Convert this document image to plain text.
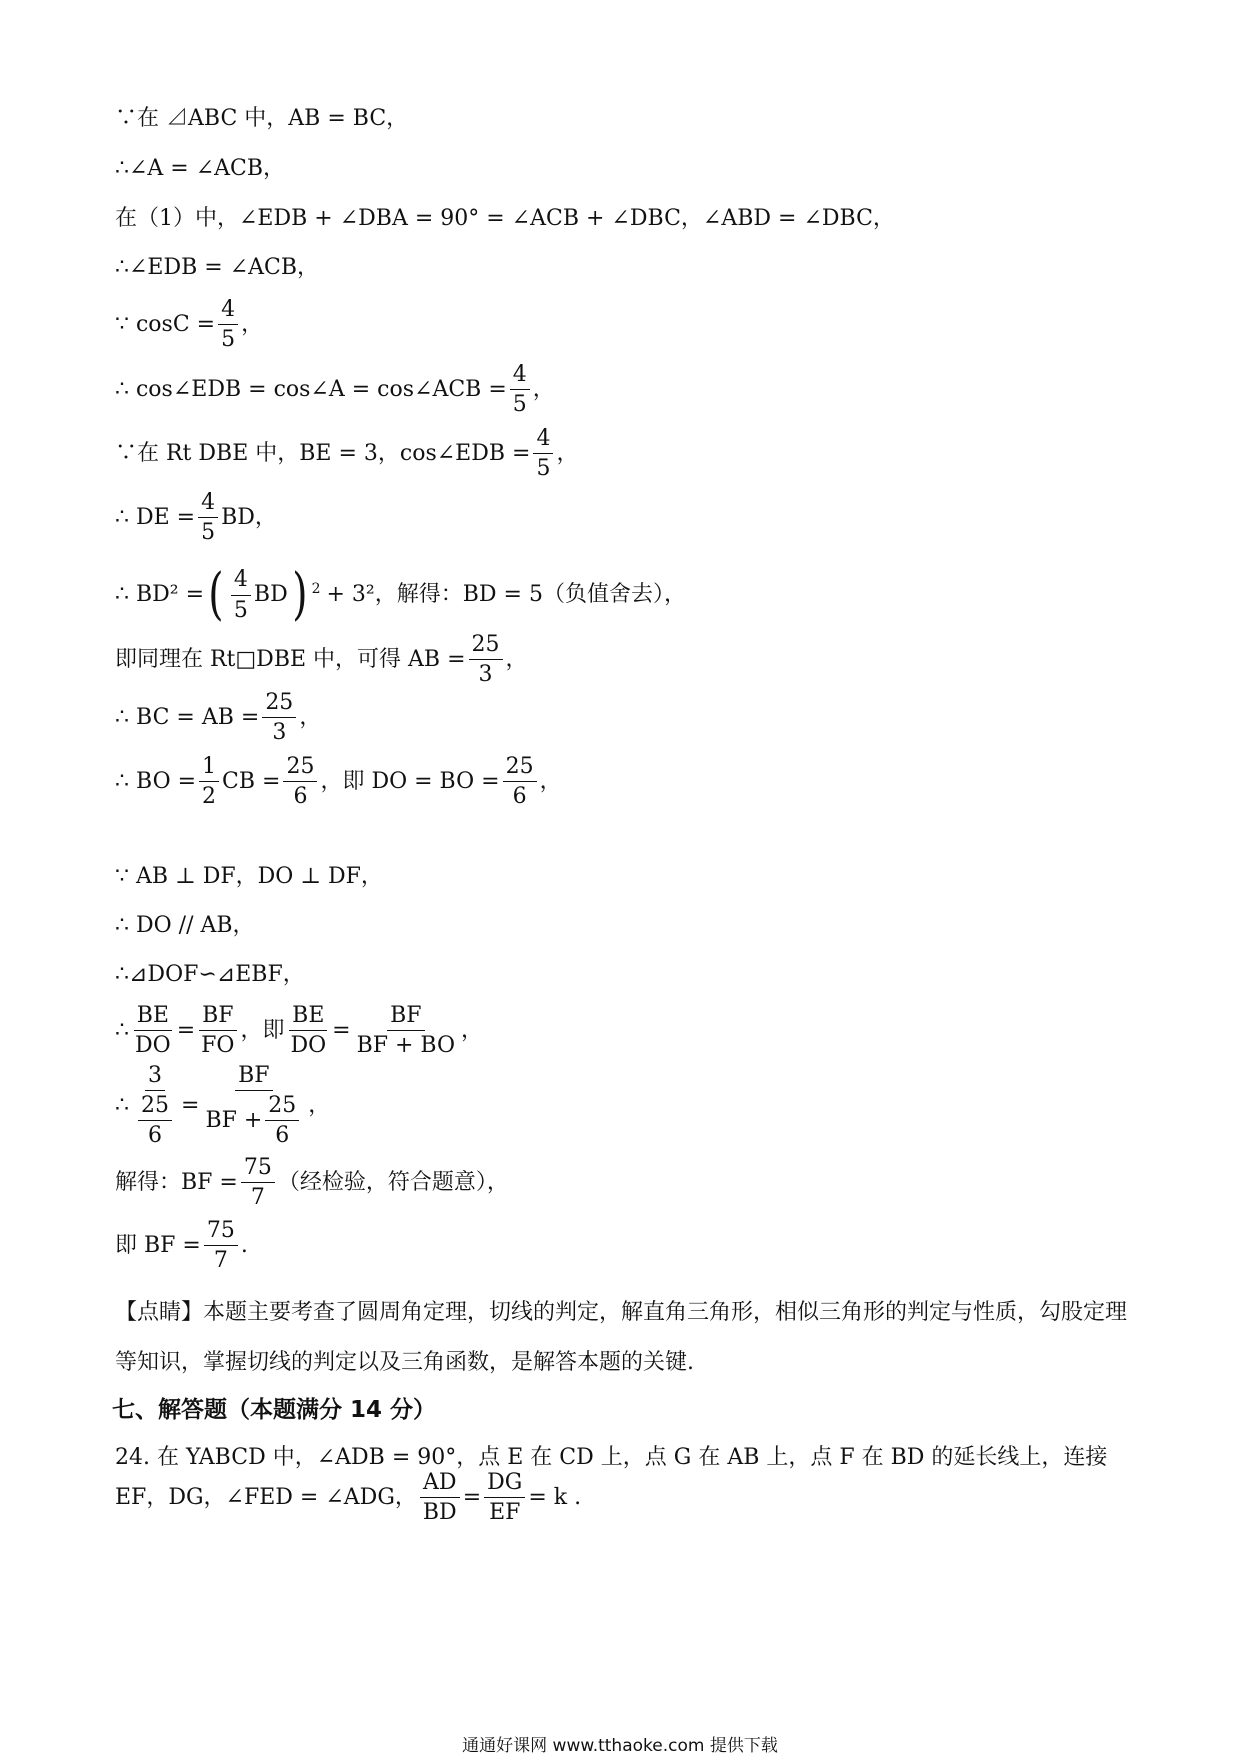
∵在 ⊿ABC 中，AB = BC，
∴∠A = ∠ACB，
在（1）中，∠EDB + ∠DBA = 90° = ∠ACB + ∠DBC，∠ABD = ∠DBC，
∴∠EDB = ∠ACB，
∵ $\cos C = \frac{4}{5}$ ，
∴ cos∠EDB = cos∠A = cos∠ACB = $\frac{4}{5}$ ，
∵在 Rt DBE 中，BE = 3，cos∠EDB = $\frac{4}{5}$ ，
∴ DE = $\frac{4}{5}$ BD，
∴ BD² = ( $\frac{4}{5}$ BD ) $^2$ + 3²，解得：BD = 5（负值舍去），
即同理在 Rt□DBE 中，可得 AB = $\frac{25}{3}$ ，
∴ BC = AB = $\frac{25}{3}$ ，
∴ BO = $\frac{1}{2}$ CB = $\frac{25}{6}$ ，即 DO = BO = $\frac{25}{6}$ ，
∵ AB ⊥ DF，DO ⊥ DF，
∴ DO // AB，
∴⊿DOF∽⊿EBF，
∴ $\frac{BE}{DO} = \frac{BF}{FO}$ ，即 $\frac{BE}{DO} = \frac{BF}{BF + BO}$ ，
∴ $\frac{3}{\frac{25}{6}} = \frac{BF}{BF + \frac{25}{6}}$ ，
解得：BF = $\frac{75}{7}$ （经检验，符合题意），
即 BF = $\frac{75}{7}$ .
【点睛】本题主要考查了圆周角定理，切线的判定，解直角三角形，相似三角形的判定与性质，勾股定理
等知识，掌握切线的判定以及三角函数，是解答本题的关键.
七、解答题（本题满分 14 分）
24. 在 YABCD 中，∠ADB = 90°，点 E 在 CD 上，点 G 在 AB 上，点 F 在 BD 的延长线上，连接
EF，DG，∠FED = ∠ADG， $\frac{AD}{BD} = \frac{DG}{EF} = k$ .
通通好课网 www.tthaoke.com 提供下载
